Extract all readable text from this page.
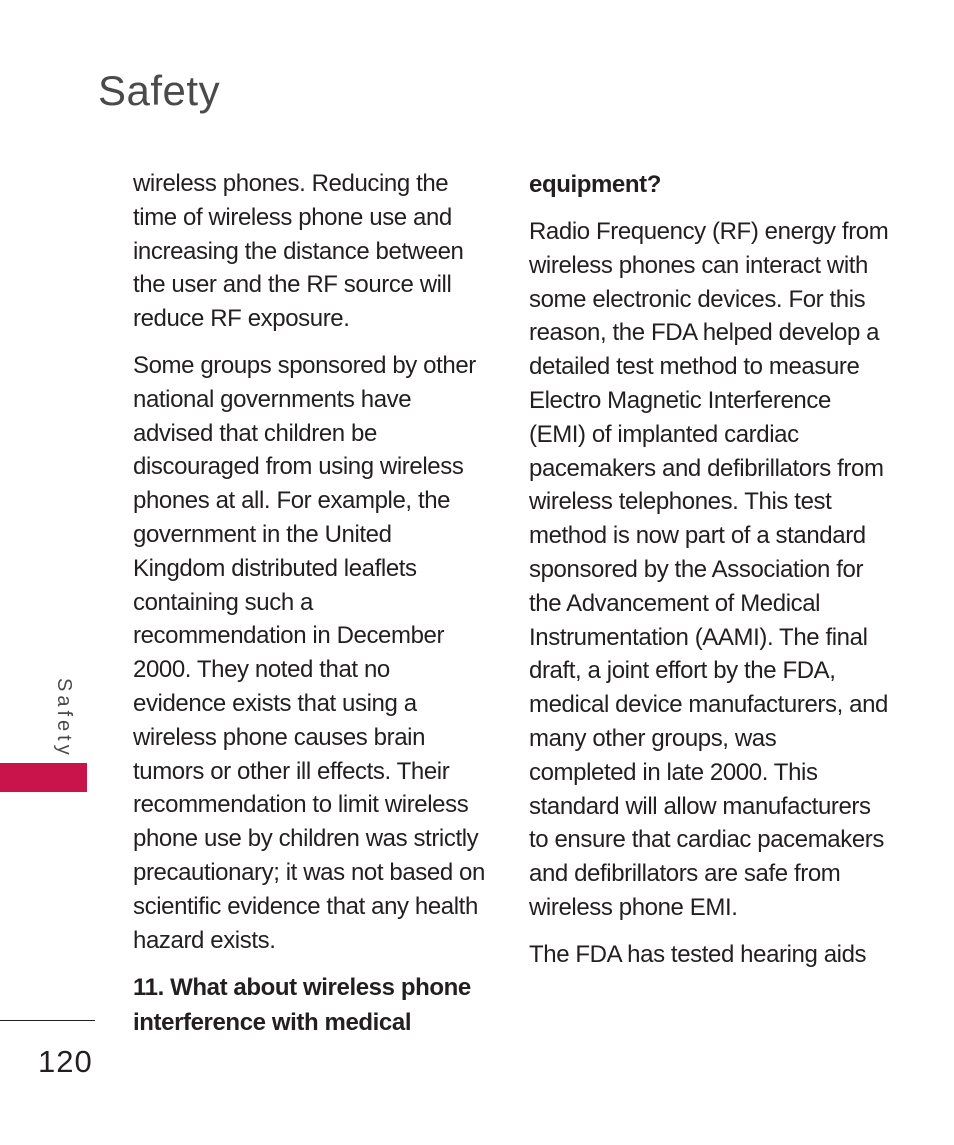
Safety

wireless phones. Reducing the time of wireless phone use and increasing the distance between the user and the RF source will reduce RF exposure.

Some groups sponsored by other national governments have advised that children be discouraged from using wireless phones at all. For example, the government in the United Kingdom distributed leaflets containing such a recommendation in December 2000. They noted that no evidence exists that using a wireless phone causes brain tumors or other ill effects. Their recommendation to limit wireless phone use by children was strictly precautionary; it was not based on scientific evidence that any health hazard exists.

11. What about wireless phone interference with medical
equipment?

Radio Frequency (RF) energy from wireless phones can interact with some electronic devices. For this reason, the FDA helped develop a detailed test method to measure Electro Magnetic Interference (EMI) of implanted cardiac pacemakers and defibrillators from wireless telephones. This test method is now part of a standard sponsored by the Association for the Advancement of Medical Instrumentation (AAMI). The final draft, a joint effort by the FDA, medical device manufacturers, and many other groups, was completed in late 2000. This standard will allow manufacturers to ensure that cardiac pacemakers and defibrillators are safe from wireless phone EMI.

The FDA has tested hearing aids

Safety
120
